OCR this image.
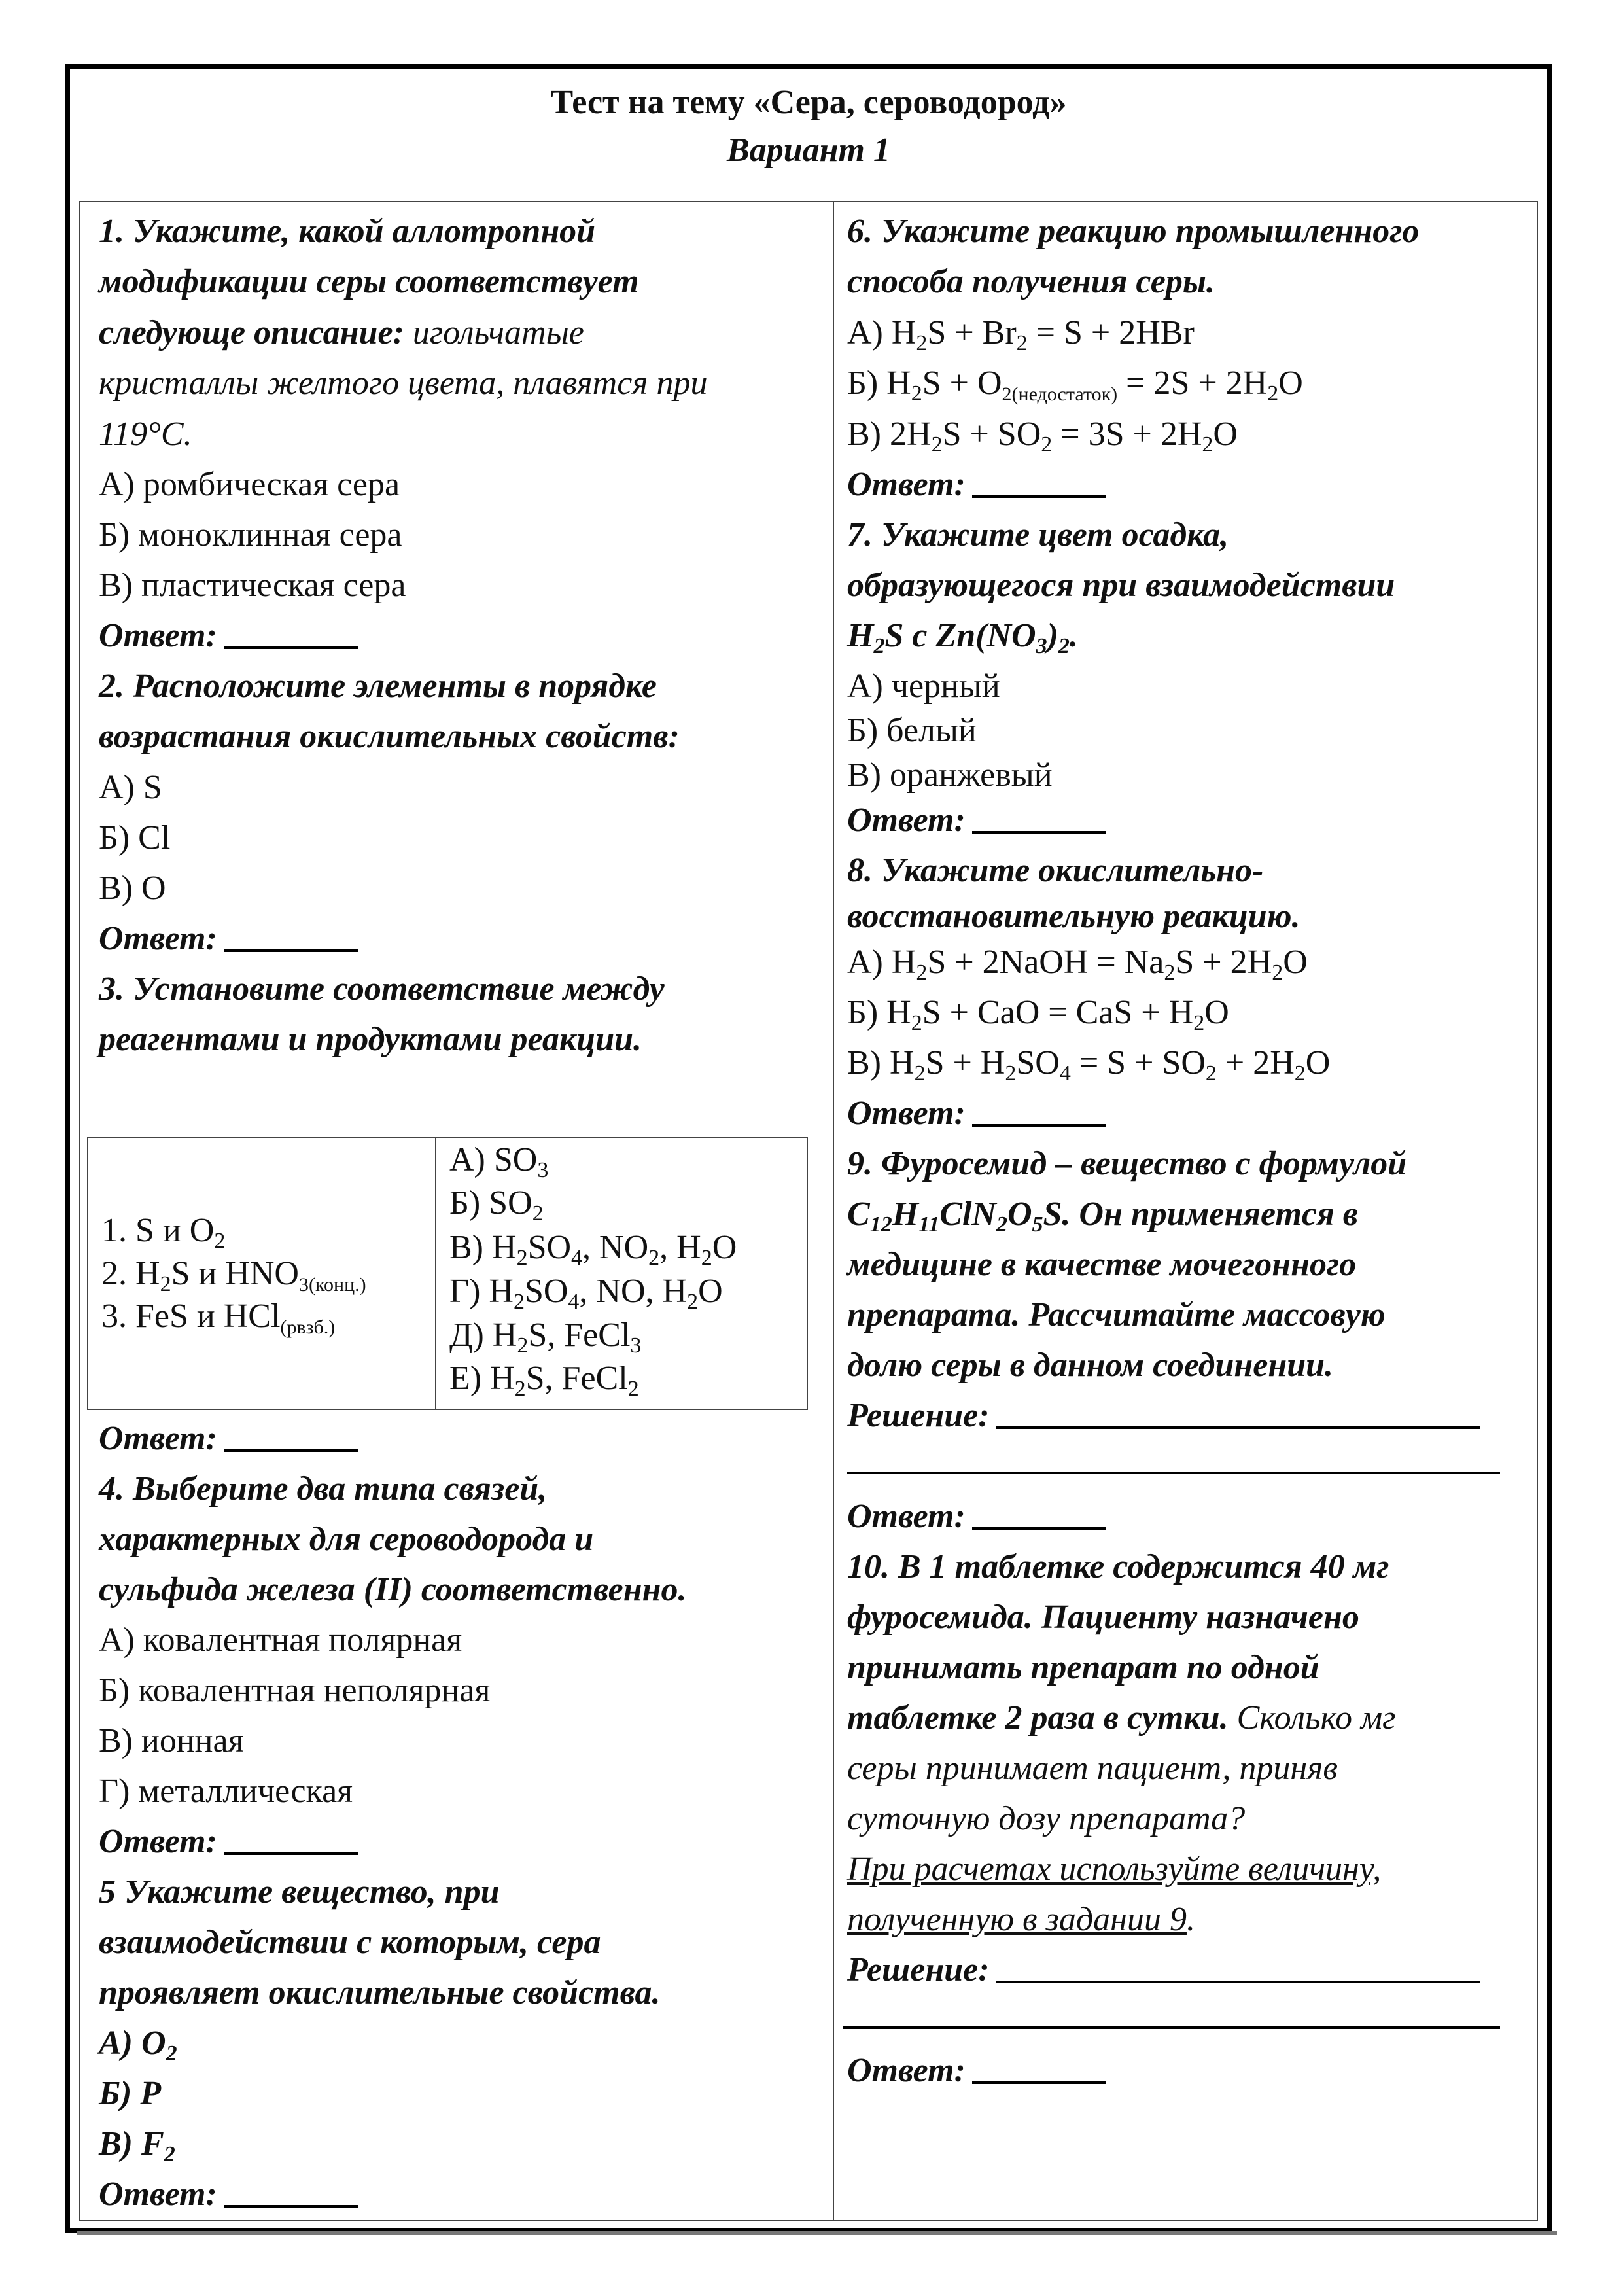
Тест на тему «Сера, сероводород»
Вариант 1
1. Укажите, какой аллотропной
модификации серы соответствует
следующе описание: игольчатые
кристаллы желтого цвета, плавятся при
119°C.
А) ромбическая сера
Б) моноклинная сера
В) пластическая сера
Ответ:
2. Расположите элементы в порядке
возрастания окислительных свойств:
А) S
Б) Cl
В) O
Ответ:
3. Установите соответствие между
реагентами и продуктами реакции.
1. S и $O_2$
2. $H_2S$ и $HNO_{3(конц.)}$
3. FeS и HCl$_{(рвзб.)}$
А) $SO_3$
Б) $SO_2$
В) $H_2SO_4$, $NO_2$, $H_2O$
Г) $H_2SO_4$, NO, $H_2O$
Д) $H_2S$, FeCl$_3$
Е) $H_2S$, FeCl$_2$
Ответ:
4. Выберите два типа связей,
характерных для сероводорода и
сульфида железа (II) соответственно.
А) ковалентная полярная
Б) ковалентная неполярная
В) ионная
Г) металлическая
Ответ:
5 Укажите вещество, при
взаимодействии с которым, сера
проявляет окислительные свойства.
А) $O_2$
Б) P
В) $F_2$
Ответ:
6. Укажите реакцию промышленного
способа получения серы.
А) $H_2S + Br_2 = S + 2HBr$
Б) $H_2S + O_{2(недостаток)} = 2S + 2H_2O$
В) $2H_2S + SO_2 = 3S + 2H_2O$
Ответ:
7. Укажите цвет осадка,
образующегося при взаимодействии
$H_2S$ с $Zn(NO_3)_2$.
А) черный
Б) белый
В) оранжевый
Ответ:
8. Укажите окислительно-
восстановительную реакцию.
А) $H_2S$ + 2NaOH = $Na_2S + 2H_2O$
Б) $H_2S$ + CaO = CaS + $H_2O$
В) $H_2S + H_2SO_4 = S + SO_2 + 2H_2O$
Ответ:
9. Фуросемид – вещество с формулой
$C_{12}H_{11}ClN_2O_5S$. Он применяется в
медицине в качестве мочегонного
препарата. Рассчитайте массовую
долю серы в данном соединении.
Решение:
Ответ:
10. В 1 таблетке содержится 40 мг
фуросемида. Пациенту назначено
принимать препарат по одной
таблетке 2 раза в сутки. Сколько мг
серы принимает пациент, приняв
суточную дозу препарата?
При расчетах используйте величину,
полученную в задании 9.
Решение:
Ответ:
